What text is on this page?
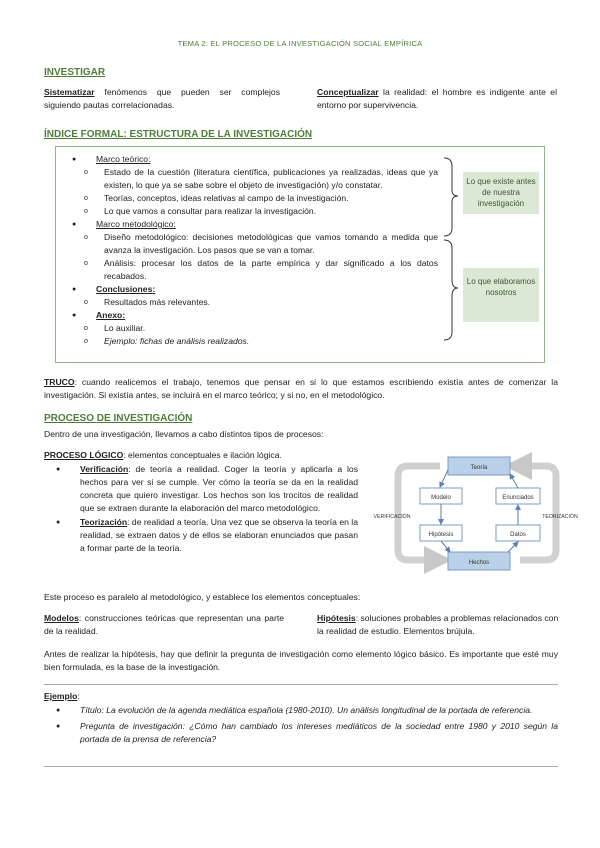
TEMA 2: EL PROCESO DE LA INVESTIGACIÓN SOCIAL EMPÍRICA
INVESTIGAR
Sistematizar fenómenos que pueden ser complejos siguiendo pautas correlacionadas.
Conceptualizar la realidad: el hombre es indigente ante el entorno por supervivencia.
ÍNDICE FORMAL: ESTRUCTURA DE LA INVESTIGACIÓN
● Marco teórico:
o Estado de la cuestión (literatura científica, publicaciones ya realizadas, ideas que ya existen, lo que ya se sabe sobre el objeto de investigación) y/o constatar.
o Teorías, conceptos, ideas relativas al campo de la investigación.
o Lo que vamos a consultar para realizar la investigación.
● Marco metodológico:
o Diseño metodológico: decisiones metodológicas que vamos tomando a medida que avanza la investigación. Los pasos que se van a tomar.
o Análisis: procesar los datos de la parte empírica y dar significado a los datos recabados.
● Conclusiones:
o Resultados más relevantes.
● Anexo:
o Lo auxiliar.
o Ejemplo: fichas de análisis realizados.
Lo que existe antes de nuestra investigación
Lo que elaboramos nosotros
TRUCO: cuando realicemos el trabajo, tenemos que pensar en si lo que estamos escribiendo existía antes de comenzar la investigación. Si existía antes, se incluirá en el marco teórico; y si no, en el metodológico.
PROCESO DE INVESTIGACIÓN
Dentro de una investigación, llevamos a cabo distintos tipos de procesos:
PROCESO LÓGICO: elementos conceptuales e ilación lógica.
● Verificación: de teoría a realidad. Coger la teoría y aplicarla a los hechos para ver si se cumple. Ver cómo la teoría se da en la realidad concreta que quiero investigar. Los hechos son los trocitos de realidad que se extraen durante la elaboración del marco metodológico.
● Teorización: de realidad a teoría. Una vez que se observa la teoría en la realidad, se extraen datos y de ellos se elaboran enunciados que pasan a formar parte de la teoría.
Teoría
Modelo	Enunciados
Hipótesis	Datos
Hechos
VERIFICACIÓN	TEORIZACIÓN
Este proceso es paralelo al metodológico, y establece los elementos conceptuales:
Modelos: construcciones teóricas que representan una parte de la realidad.
Hipótesis: soluciones probables a problemas relacionados con la realidad de estudio. Elementos brújula.
Antes de realizar la hipótesis, hay que definir la pregunta de investigación como elemento lógico básico. Es importante que esté muy bien formulada, es la base de la investigación.
Ejemplo:
● Título: La evolución de la agenda mediática española (1980-2010). Un análisis longitudinal de la portada de referencia.
● Pregunta de investigación: ¿Cómo han cambiado los intereses mediáticos de la sociedad entre 1980 y 2010 según la portada de la prensa de referencia?
